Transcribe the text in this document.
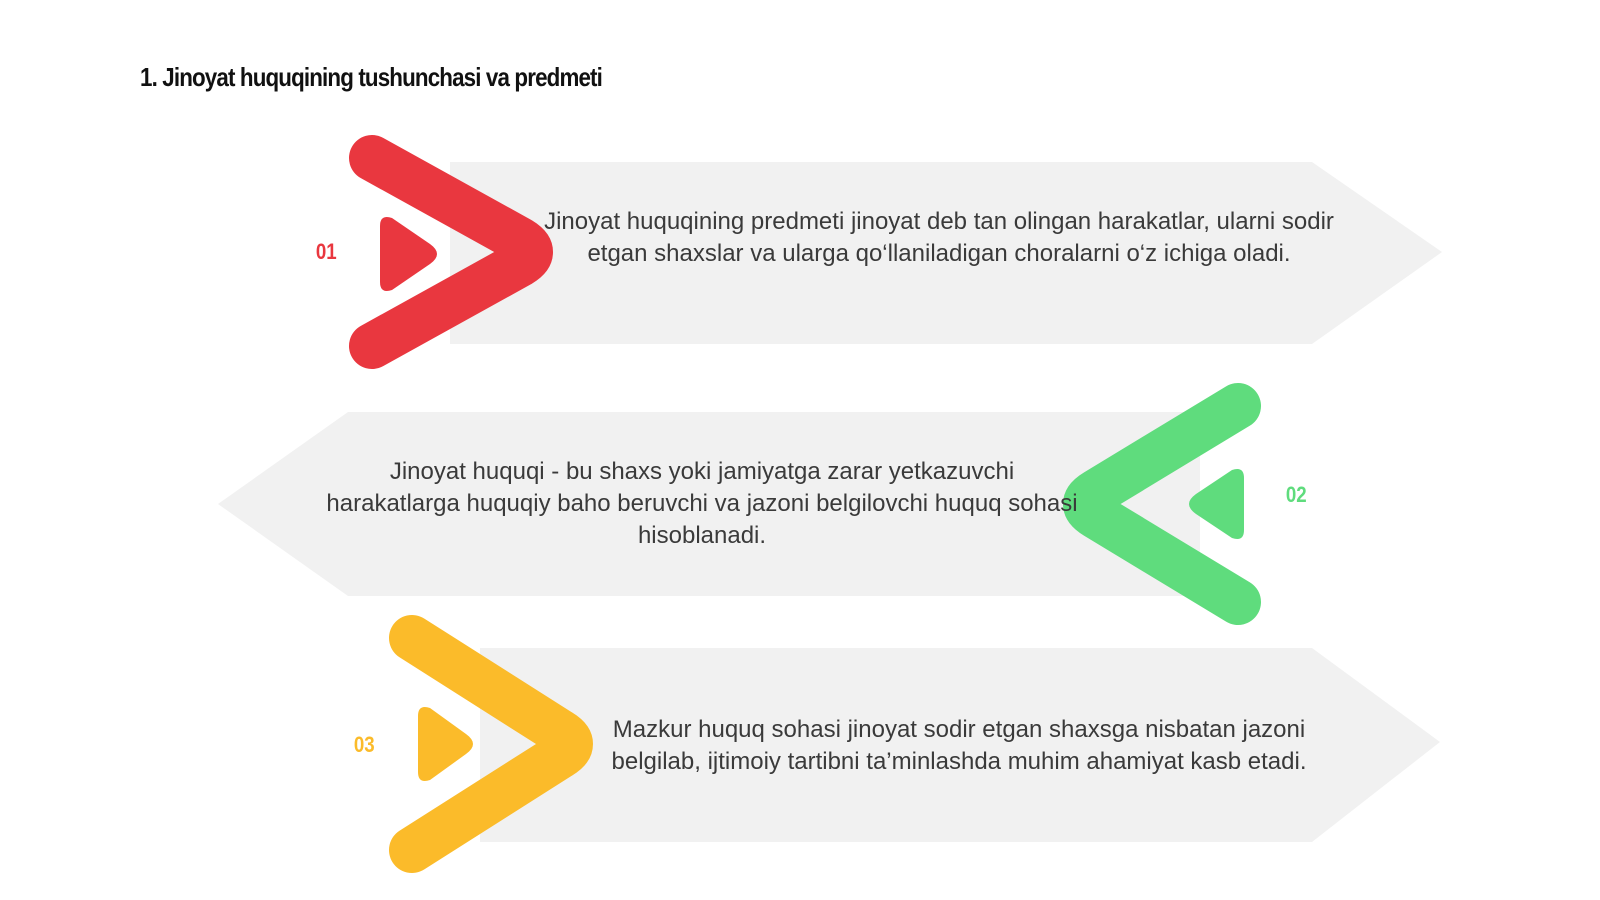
1. Jinoyat huquqining tushunchasi va predmeti

01

02

03

Jinoyat huquqining predmeti jinoyat deb tan olingan harakatlar, ularni sodir etgan shaxslar va ularga qo‘llaniladigan choralarni o‘z ichiga oladi.

Jinoyat huquqi - bu shaxs yoki jamiyatga zarar yetkazuvchi harakatlarga huquqiy baho beruvchi va jazoni belgilovchi huquq sohasi hisoblanadi.

Mazkur huquq sohasi jinoyat sodir etgan shaxsga nisbatan jazoni belgilab, ijtimoiy tartibni ta’minlashda muhim ahamiyat kasb etadi.
